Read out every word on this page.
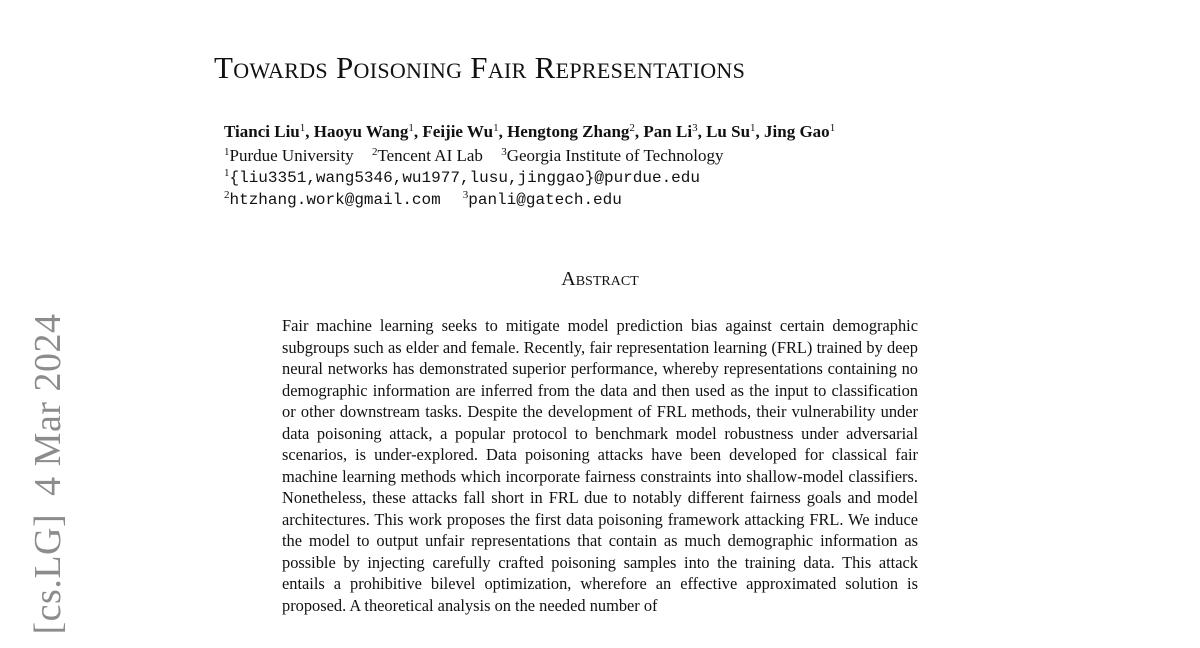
[cs.LG]4 Mar 2024
Towards Poisoning Fair Representations
Tianci Liu$^1$, Haoyu Wang$^1$, Feijie Wu$^1$, Hengtong Zhang$^2$, Pan Li$^3$, Lu Su$^1$, Jing Gao$^1$
$^1$Purdue University $^2$Tencent AI Lab $^3$Georgia Institute of Technology
$^1${liu3351,wang5346,wu1977,lusu,jinggao}@purdue.edu
$^2$htzhang.work@gmail.com $^3$panli@gatech.edu
Abstract
Fair machine learning seeks to mitigate model prediction bias against certain demographic subgroups such as elder and female. Recently, fair representation learning (FRL) trained by deep neural networks has demonstrated superior performance, whereby representations containing no demographic information are inferred from the data and then used as the input to classification or other downstream tasks. Despite the development of FRL methods, their vulnerability under data poisoning attack, a popular protocol to benchmark model robustness under adversarial scenarios, is under-explored. Data poisoning attacks have been developed for classical fair machine learning methods which incorporate fairness constraints into shallow-model classifiers. Nonetheless, these attacks fall short in FRL due to notably different fairness goals and model architectures. This work proposes the first data poisoning framework attacking FRL. We induce the model to output unfair representations that contain as much demographic information as possible by injecting carefully crafted poisoning samples into the training data. This attack entails a prohibitive bilevel optimization, wherefore an effective approximated solution is proposed. A theoretical analysis on the needed number of
